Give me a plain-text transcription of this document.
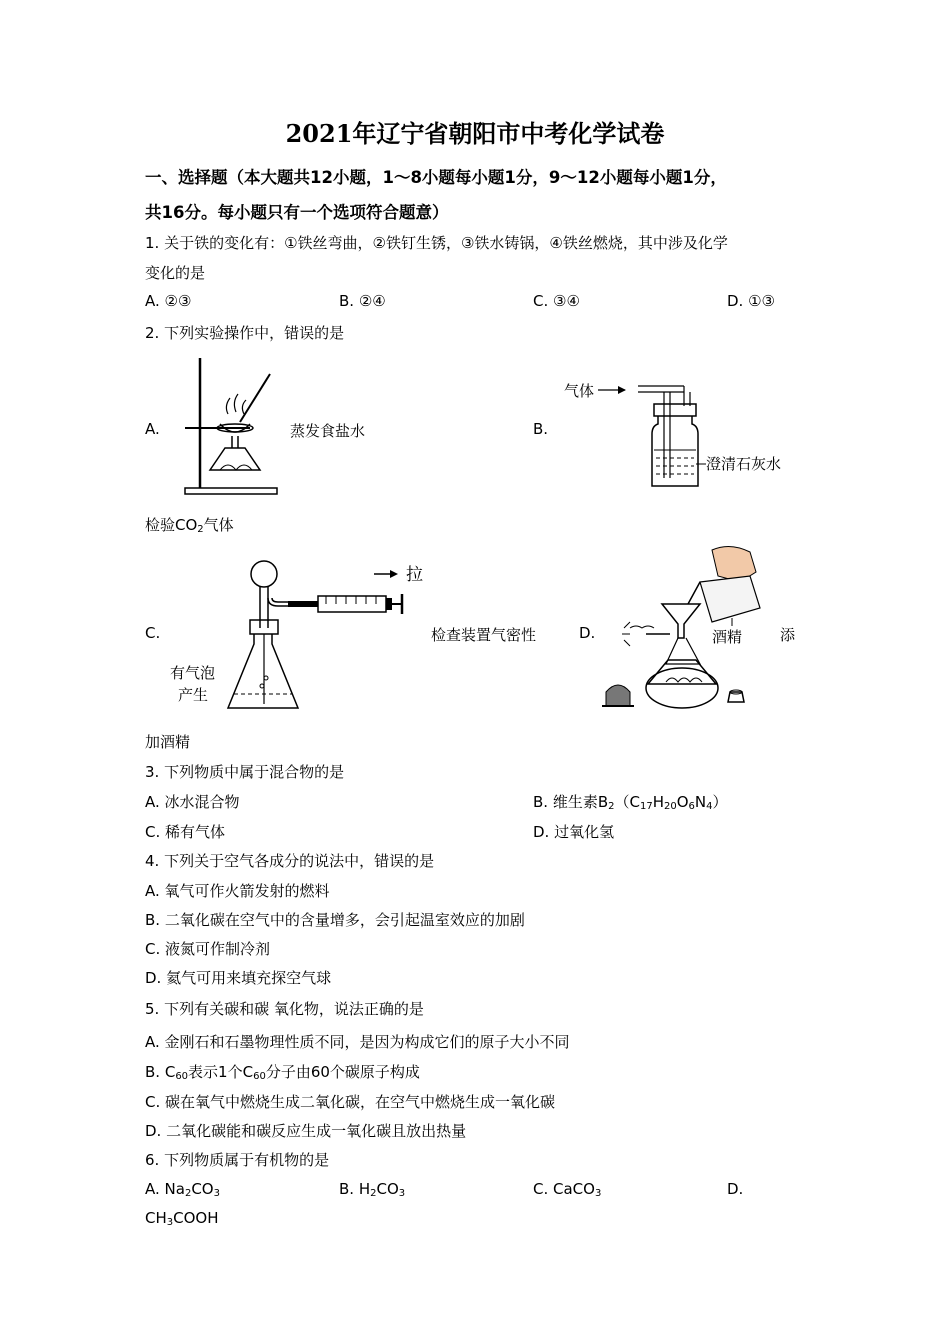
2021年辽宁省朝阳市中考化学试卷
一、选择题（本大题共12小题，1～8小题每小题1分，9～12小题每小题1分，
共16分。每小题只有一个选项符合题意）
1. 关于铁的变化有：①铁丝弯曲，②铁钉生锈，③铁水铸锅，④铁丝燃烧，其中涉及化学
变化的是
A. ②③	B. ②④	C. ③④	D. ①③
2. 下列实验操作中，错误的是
A.	蒸发食盐水	B.
气体
澄清石灰水
检验$CO_2$气体
C.
拉
有气泡
产生
检查装置气密性	D.	酒精	添
加酒精
3. 下列物质中属于混合物的是
A. 冰水混合物	B. 维生素$B_2(C_{17}H_{20}O_6N_4)$
C. 稀有气体	D. 过氧化氢
4. 下列关于空气各成分的说法中，错误的是
A. 氧气可作火箭发射的燃料
B. 二氧化碳在空气中的含量增多，会引起温室效应的加剧
C. 液氮可作制冷剂
D. 氦气可用来填充探空气球
5. 下列有关碳和碳 氧化物，说法正确的是
A. 金刚石和石墨物理性质不同，是因为构成它们的原子大小不同
B. $C_{60}$表示1个$C_{60}$分子由60个碳原子构成
C. 碳在氧气中燃烧生成二氧化碳，在空气中燃烧生成一氧化碳
D. 二氧化碳能和碳反应生成一氧化碳且放出热量
6. 下列物质属于有机物的是
A. $Na_2CO_3$	B. $H_2CO_3$	C. CaCO$_3$	D.
$CH_3COOH$
